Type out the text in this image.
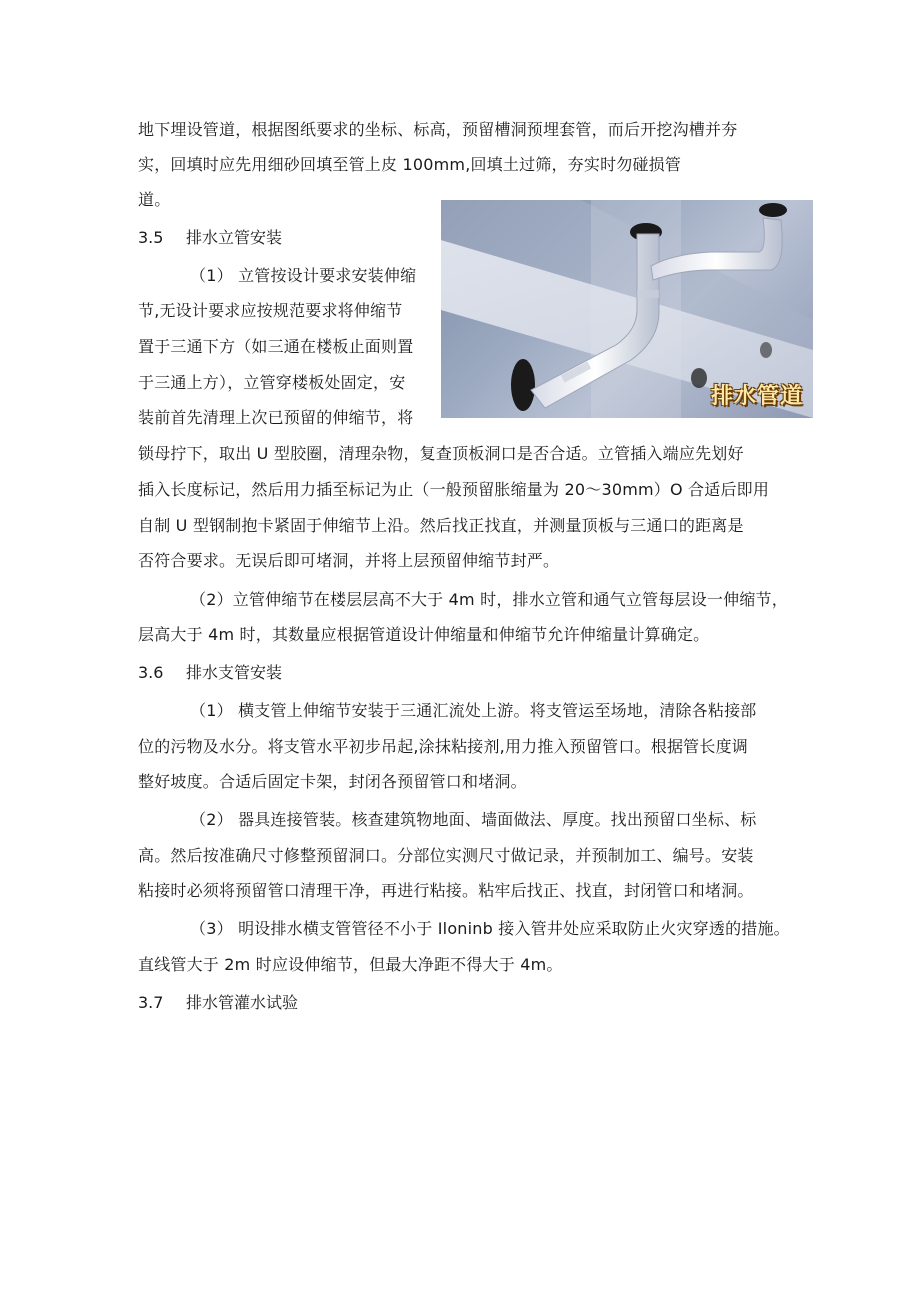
地下埋设管道，根据图纸要求的坐标、标高，预留槽洞预埋套管，而后开挖沟槽并夯
实，回填时应先用细砂回填至管上皮 100mm,回填土过筛，夯实时勿碰损管
道。
3.5 排水立管安装
（1） 立管按设计要求安装伸缩
节,无设计要求应按规范要求将伸缩节
置于三通下方（如三通在楼板止面则置
于三通上方），立管穿楼板处固定，安
装前首先清理上次已预留的伸缩节，将
锁母拧下，取出 U 型胶圈，清理杂物，复查顶板洞口是否合适。立管插入端应先划好
插入长度标记，然后用力插至标记为止（一般预留胀缩量为 20～30mm）O 合适后即用
自制 U 型钢制抱卡紧固于伸缩节上沿。然后找正找直，并测量顶板与三通口的距离是
否符合要求。无误后即可堵洞，并将上层预留伸缩节封严。
（2）立管伸缩节在楼层层高不大于 4m 时，排水立管和通气立管每层设一伸缩节，
层高大于 4m 时，其数量应根据管道设计伸缩量和伸缩节允许伸缩量计算确定。
3.6 排水支管安装
（1） 横支管上伸缩节安装于三通汇流处上游。将支管运至场地，清除各粘接部
位的污物及水分。将支管水平初步吊起,涂抹粘接剂,用力推入预留管口。根据管长度调
整好坡度。合适后固定卡架，封闭各预留管口和堵洞。
（2） 器具连接管装。核查建筑物地面、墙面做法、厚度。找出预留口坐标、标
高。然后按准确尺寸修整预留洞口。分部位实测尺寸做记录，并预制加工、编号。安装
粘接时必须将预留管口清理干净，再进行粘接。粘牢后找正、找直，封闭管口和堵洞。
（3） 明设排水横支管管径不小于 Iloninb 接入管井处应采取防止火灾穿透的措施。
直线管大于 2m 时应设伸缩节，但最大净距不得大于 4m。
3.7 排水管灌水试验
排水管道
